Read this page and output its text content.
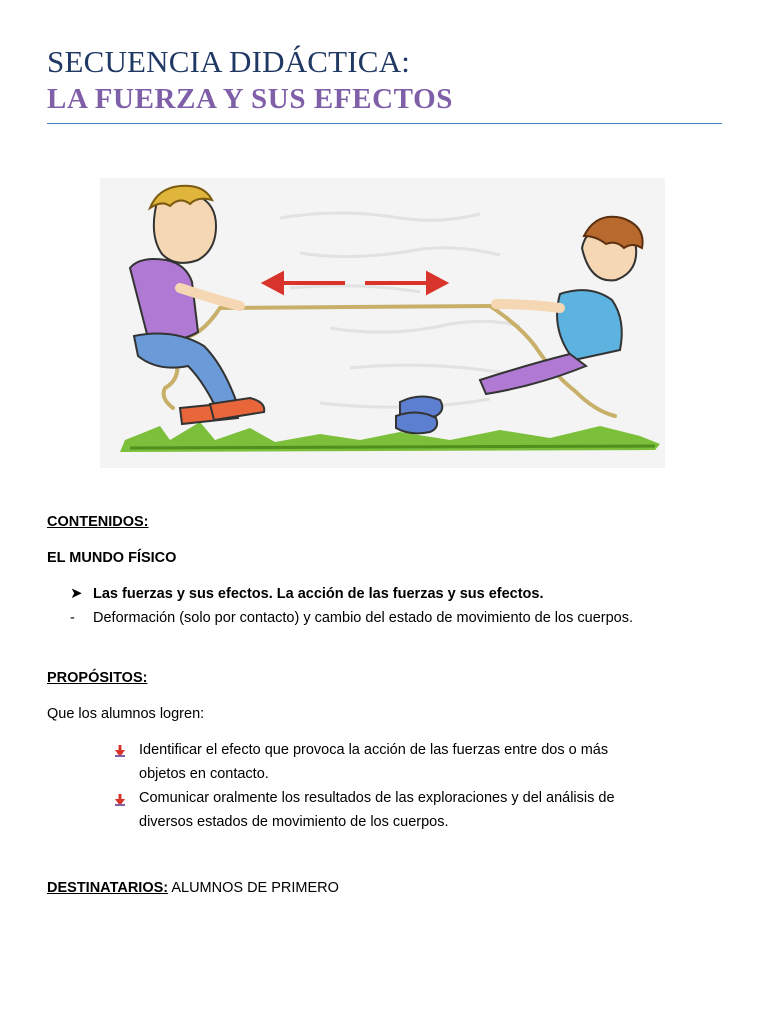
SECUENCIA DIDÁCTICA:
LA FUERZA Y SUS EFECTOS
CONTENIDOS:
EL MUNDO FÍSICO
➤ Las fuerzas y sus efectos. La acción de las fuerzas y sus efectos.
- Deformación (solo por contacto) y cambio del estado de movimiento de los cuerpos.
PROPÓSITOS:
Que los alumnos logren:
Identificar el efecto que provoca la acción de las fuerzas entre dos o más
objetos en contacto.
Comunicar oralmente los resultados de las exploraciones y del análisis de
diversos estados de movimiento de los cuerpos.
DESTINATARIOS: ALUMNOS DE PRIMERO
